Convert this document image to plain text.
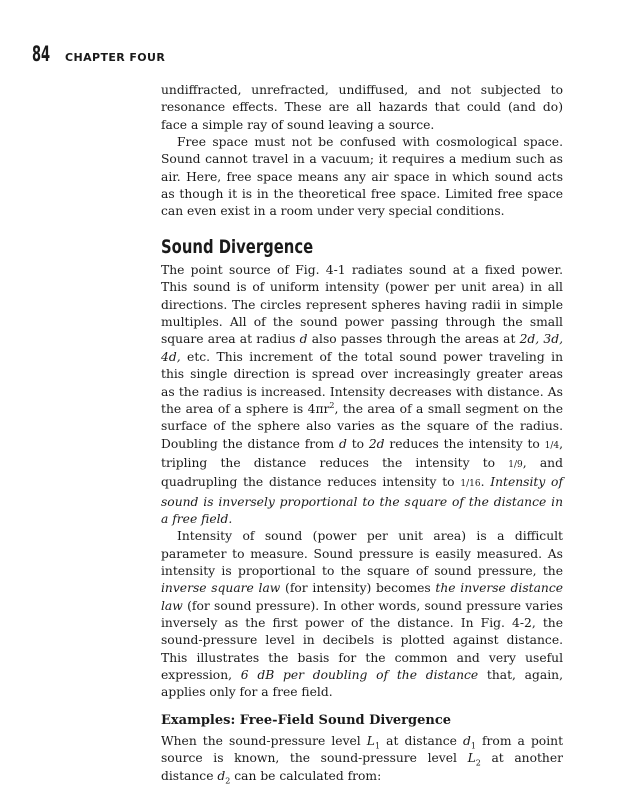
84 CHAPTER FOUR

undiffracted, unrefracted, undiffused, and not subjected to resonance effects. These are all hazards that could (and do) face a simple ray of sound leaving a source.

Free space must not be confused with cosmological space. Sound cannot travel in a vacuum; it requires a medium such as air. Here, free space means any air space in which sound acts as though it is in the theoretical free space. Limited free space can even exist in a room under very special conditions.

Sound Divergence

The point source of Fig. 4-1 radiates sound at a fixed power. This sound is of uniform intensity (power per unit area) in all directions. The circles represent spheres having radii in simple multiples. All of the sound power passing through the small square area at radius d also passes through the areas at 2d, 3d, 4d, etc. This increment of the total sound power traveling in this single direction is spread over increasingly greater areas as the radius is increased. Intensity decreases with distance. As the area of a sphere is $4\pi r^2$, the area of a small segment on the surface of the sphere also varies as the square of the radius. Doubling the distance from d to 2d reduces the intensity to 1/4, tripling the distance reduces the intensity to 1/9, and quadrupling the distance reduces intensity to 1/16. Intensity of sound is inversely proportional to the square of the distance in a free field.

Intensity of sound (power per unit area) is a difficult parameter to measure. Sound pressure is easily measured. As intensity is proportional to the square of sound pressure, the inverse square law (for intensity) becomes the inverse distance law (for sound pressure). In other words, sound pressure varies inversely as the first power of the distance. In Fig. 4-2, the sound-pressure level in decibels is plotted against distance. This illustrates the basis for the common and very useful expression, 6 dB per doubling of the distance that, again, applies only for a free field.

Examples: Free-Field Sound Divergence

When the sound-pressure level $L_1$ at distance $d_1$ from a point source is known, the sound-pressure level $L_2$ at another distance $d_2$ can be calculated from:
